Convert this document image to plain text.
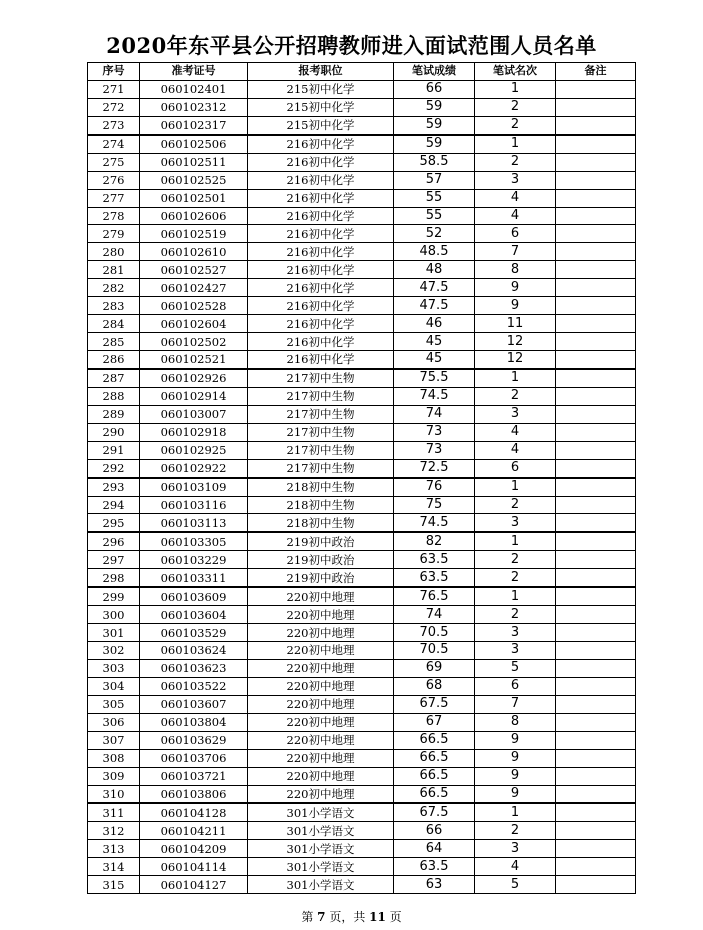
2020年东平县公开招聘教师进入面试范围人员名单
序号	准考证号	报考职位	笔试成绩	笔试名次	备注
271	060102401	215初中化学	66	1	
272	060102312	215初中化学	59	2	
273	060102317	215初中化学	59	2	
274	060102506	216初中化学	59	1	
275	060102511	216初中化学	58.5	2	
276	060102525	216初中化学	57	3	
277	060102501	216初中化学	55	4	
278	060102606	216初中化学	55	4	
279	060102519	216初中化学	52	6	
280	060102610	216初中化学	48.5	7	
281	060102527	216初中化学	48	8	
282	060102427	216初中化学	47.5	9	
283	060102528	216初中化学	47.5	9	
284	060102604	216初中化学	46	11	
285	060102502	216初中化学	45	12	
286	060102521	216初中化学	45	12	
287	060102926	217初中生物	75.5	1	
288	060102914	217初中生物	74.5	2	
289	060103007	217初中生物	74	3	
290	060102918	217初中生物	73	4	
291	060102925	217初中生物	73	4	
292	060102922	217初中生物	72.5	6	
293	060103109	218初中生物	76	1	
294	060103116	218初中生物	75	2	
295	060103113	218初中生物	74.5	3	
296	060103305	219初中政治	82	1	
297	060103229	219初中政治	63.5	2	
298	060103311	219初中政治	63.5	2	
299	060103609	220初中地理	76.5	1	
300	060103604	220初中地理	74	2	
301	060103529	220初中地理	70.5	3	
302	060103624	220初中地理	70.5	3	
303	060103623	220初中地理	69	5	
304	060103522	220初中地理	68	6	
305	060103607	220初中地理	67.5	7	
306	060103804	220初中地理	67	8	
307	060103629	220初中地理	66.5	9	
308	060103706	220初中地理	66.5	9	
309	060103721	220初中地理	66.5	9	
310	060103806	220初中地理	66.5	9	
311	060104128	301小学语文	67.5	1	
312	060104211	301小学语文	66	2	
313	060104209	301小学语文	64	3	
314	060104114	301小学语文	63.5	4	
315	060104127	301小学语文	63	5	
第 7 页，共 11 页
